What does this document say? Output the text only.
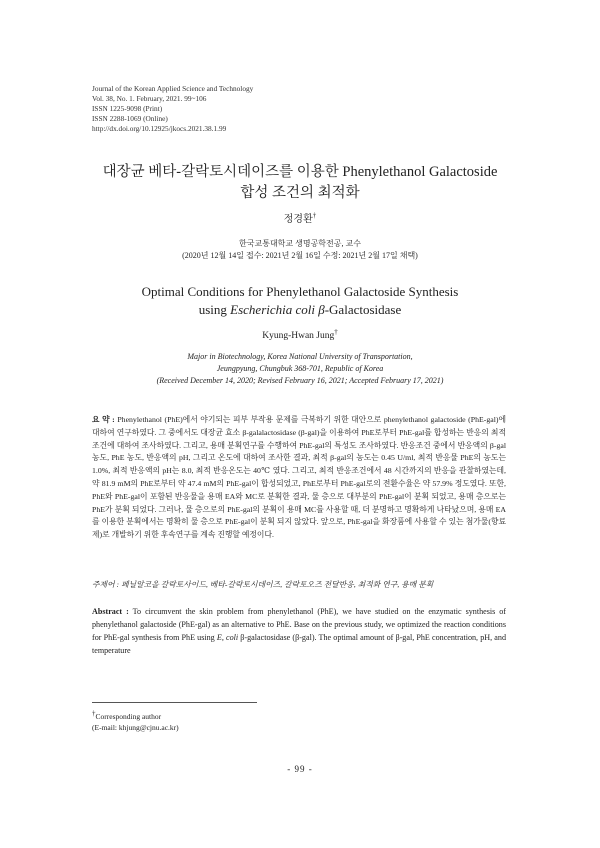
Journal of the Korean Applied Science and Technology
Vol. 38, No. 1. February, 2021. 99~106
ISSN 1225-9098 (Print)
ISSN 2288-1069 (Online)
http://dx.doi.org/10.12925/jkocs.2021.38.1.99
대장균 베타-갈락토시데이즈를 이용한 Phenylethanol Galactoside
합성 조건의 최적화
정경환†
한국교통대학교 생명공학전공, 교수
(2020년 12월 14일 접수: 2021년 2월 16일 수정: 2021년 2월 17일 채택)
Optimal Conditions for Phenylethanol Galactoside Synthesis
using Escherichia coli β-Galactosidase
Kyung-Hwan Jung†
Major in Biotechnology, Korea National University of Transportation,
Jeungpyung, Chungbuk 368-701, Republic of Korea
(Received December 14, 2020; Revised February 16, 2021; Accepted February 17, 2021)
요 약 : Phenylethanol (PhE)에서 야기되는 피부 부작용 문제를 극복하기 위한 대안으로 phenylethanol galactoside (PhE-gal)에 대하여 연구하였다. 그 중에서도 대장균 효소 β-galalactosidase (β-gal)을 이용하여 PhE로부터 PhE-gal를 합성하는 반응의 최적 조건에 대하여 조사하였다. 그리고, 용매 분획연구를 수행하여 PhE-gal의 특성도 조사하였다. 반응조건 중에서 반응액의 β-gal 농도, PhE 농도, 반응액의 pH, 그리고 온도에 대하여 조사한 결과, 최적 β-gal의 농도는 0.45 U/ml, 최적 반응물 PhE의 농도는 1.0%, 최적 반응액의 pH는 8.0, 최적 반응온도는 40℃ 였다. 그리고, 최적 반응조건에서 48 시간까지의 반응을 관찰하였는데, 약 81.9 mM의 PhE로부터 약 47.4 mM의 PhE-gal이 합성되었고, PhE로부터 PhE-gal로의 전환수율은 약 57.9% 정도였다. 또한, PhE와 PhE-gal이 포함된 반응물을 용매 EA와 MC로 분획한 결과, 물 층으로 대부분의 PhE-gal이 분획 되었고, 용매 층으로는 PhE가 분획 되었다. 그러나, 물 층으로의 PhE-gal의 분획이 용매 MC를 사용할 때, 더 분명하고 명확하게 나타났으며, 용매 EA를 이용한 분획에서는 명확히 물 층으로 PhE-gal이 분획 되지 않았다. 앞으로, PhE-gal을 화장품에 사용할 수 있는 첨가물(향료제)로 개발하기 위한 후속연구를 계속 진행할 예정이다.
주제어 : 페닐알코올 갈락토사이드, 베타-갈락토시데이즈, 갈락토오즈 전달반응, 최적화 연구, 용매 분획
Abstract : To circumvent the skin problem from phenylethanol (PhE), we have studied on the enzymatic synthesis of phenylethanol galactoside (PhE-gal) as an alternative to PhE. Base on the previous study, we optimized the reaction conditions for PhE-gal synthesis from PhE using E, coli β-galactosidase (β-gal). The optimal amount of β-gal, PhE concentration, pH, and temperature
†Corresponding author
(E-mail: khjung@cjnu.ac.kr)
- 99 -
